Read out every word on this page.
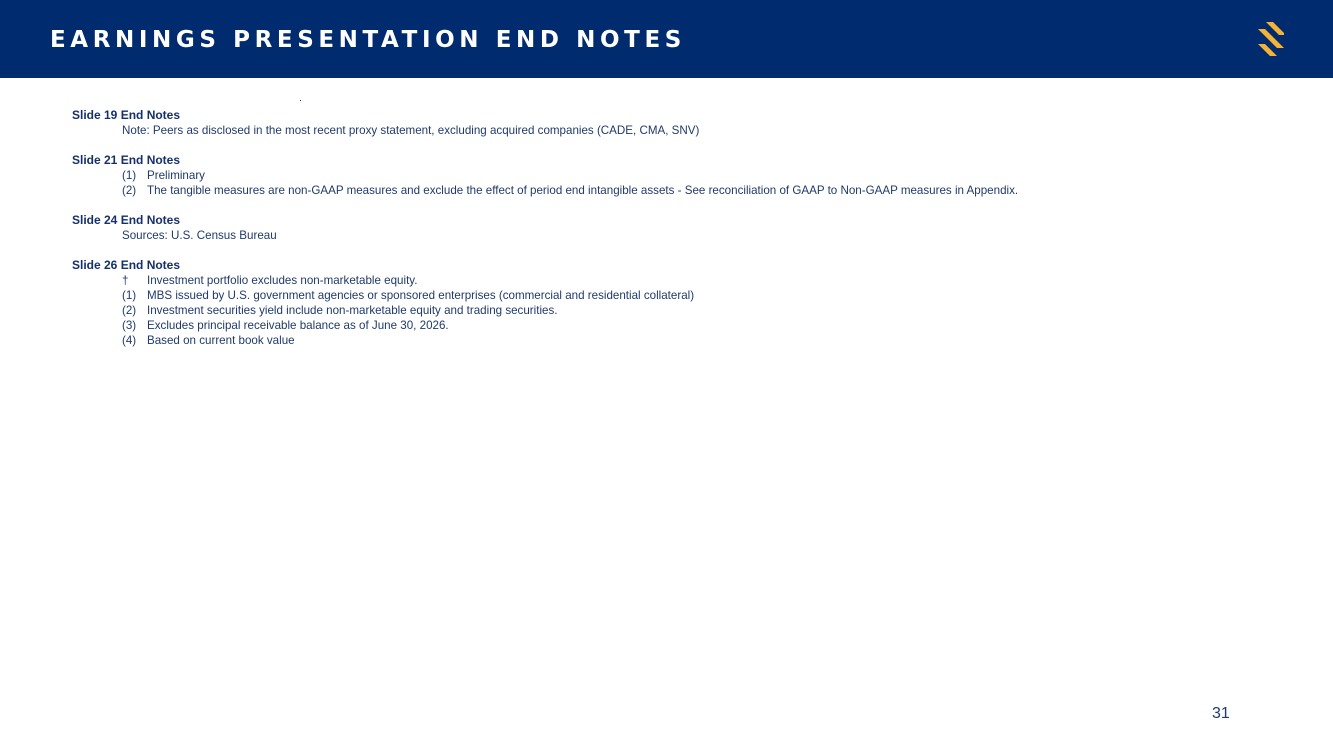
EARNINGS PRESENTATION END NOTES
Slide 19 End Notes
Note: Peers as disclosed in the most recent proxy statement, excluding acquired companies (CADE, CMA, SNV)
Slide 21 End Notes
(1) Preliminary
(2) The tangible measures are non-GAAP measures and exclude the effect of period end intangible assets - See reconciliation of GAAP to Non-GAAP measures in Appendix.
Slide 24 End Notes
Sources: U.S. Census Bureau
Slide 26 End Notes
†	Investment portfolio excludes non-marketable equity.
(1) MBS issued by U.S. government agencies or sponsored enterprises (commercial and residential collateral)
(2) Investment securities yield include non-marketable equity and trading securities.
(3) Excludes principal receivable balance as of June 30, 2026.
(4) Based on current book value
31
